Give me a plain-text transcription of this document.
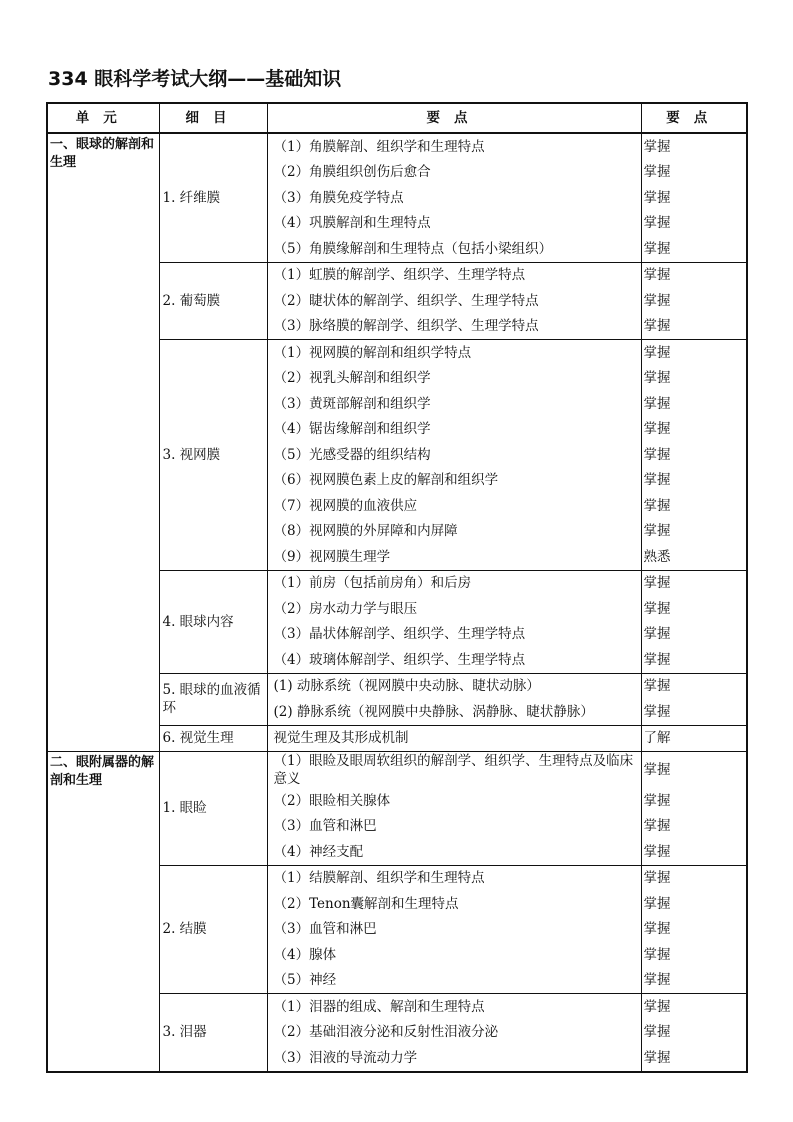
334 眼科学考试大纲——基础知识
单元	细目	要点	要点
一、眼球的解剖和生理	1. 纤维膜	（1）角膜解剖、组织学和生理特点	掌握
		（2）角膜组织创伤后愈合	掌握
		（3）角膜免疫学特点	掌握
		（4）巩膜解剖和生理特点	掌握
		（5）角膜缘解剖和生理特点（包括小梁组织）	掌握
	2. 葡萄膜	（1）虹膜的解剖学、组织学、生理学特点	掌握
		（2）睫状体的解剖学、组织学、生理学特点	掌握
		（3）脉络膜的解剖学、组织学、生理学特点	掌握
	3. 视网膜	（1）视网膜的解剖和组织学特点	掌握
		（2）视乳头解剖和组织学	掌握
		（3）黄斑部解剖和组织学	掌握
		（4）锯齿缘解剖和组织学	掌握
		（5）光感受器的组织结构	掌握
		（6）视网膜色素上皮的解剖和组织学	掌握
		（7）视网膜的血液供应	掌握
		（8）视网膜的外屏障和内屏障	掌握
		（9）视网膜生理学	熟悉
	4. 眼球内容	（1）前房（包括前房角）和后房	掌握
		（2）房水动力学与眼压	掌握
		（3）晶状体解剖学、组织学、生理学特点	掌握
		（4）玻璃体解剖学、组织学、生理学特点	掌握
	5. 眼球的血液循环	(1) 动脉系统（视网膜中央动脉、睫状动脉）	掌握
		(2) 静脉系统（视网膜中央静脉、涡静脉、睫状静脉）	掌握
	6. 视觉生理	视觉生理及其形成机制	了解
二、眼附属器的解剖和生理	1. 眼睑	（1）眼睑及眼周软组织的解剖学、组织学、生理特点及临床意义	掌握
		（2）眼睑相关腺体	掌握
		（3）血管和淋巴	掌握
		（4）神经支配	掌握
	2. 结膜	（1）结膜解剖、组织学和生理特点	掌握
		（2）Tenon囊解剖和生理特点	掌握
		（3）血管和淋巴	掌握
		（4）腺体	掌握
		（5）神经	掌握
	3. 泪器	（1）泪器的组成、解剖和生理特点	掌握
		（2）基础泪液分泌和反射性泪液分泌	掌握
		（3）泪液的导流动力学	掌握
